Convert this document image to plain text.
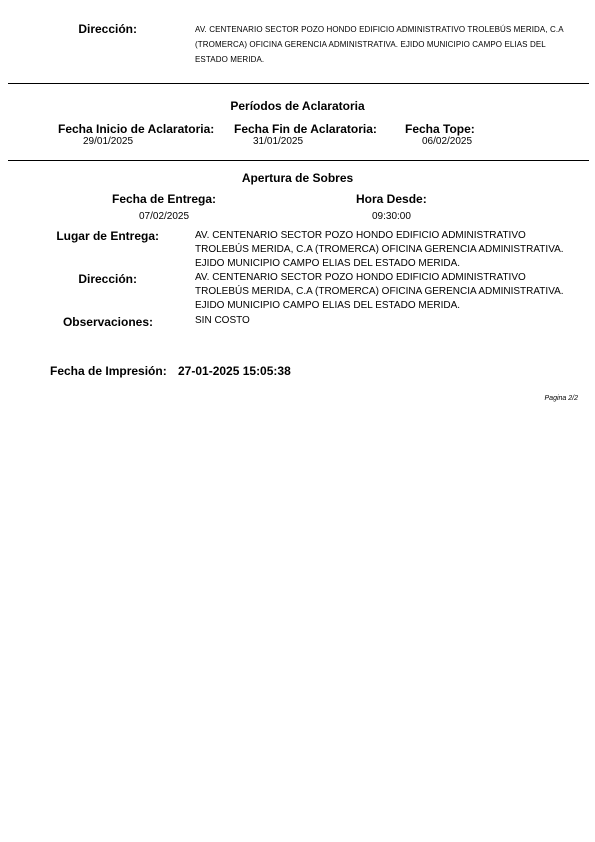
Dirección:	AV. CENTENARIO SECTOR POZO HONDO EDIFICIO ADMINISTRATIVO TROLEBÚS MERIDA, C.A (TROMERCA) OFICINA GERENCIA ADMINISTRATIVA. EJIDO MUNICIPIO CAMPO ELIAS DEL ESTADO MERIDA.
Períodos de Aclaratoria
Fecha Inicio de Aclaratoria:
29/01/2025
Fecha Fin de Aclaratoria:
31/01/2025
Fecha Tope:
06/02/2025
Apertura de Sobres
Fecha de Entrega:
07/02/2025
Hora Desde:
09:30:00
Lugar de Entrega:	AV. CENTENARIO SECTOR POZO HONDO EDIFICIO ADMINISTRATIVO TROLEBÚS MERIDA, C.A (TROMERCA) OFICINA GERENCIA ADMINISTRATIVA. EJIDO MUNICIPIO CAMPO ELIAS DEL ESTADO MERIDA.
Dirección:	AV. CENTENARIO SECTOR POZO HONDO EDIFICIO ADMINISTRATIVO TROLEBÚS MERIDA, C.A (TROMERCA) OFICINA GERENCIA ADMINISTRATIVA. EJIDO MUNICIPIO CAMPO ELIAS DEL ESTADO MERIDA.
Observaciones:	SIN COSTO
Fecha de Impresión: 27-01-2025 15:05:38
Pagina 2/2
